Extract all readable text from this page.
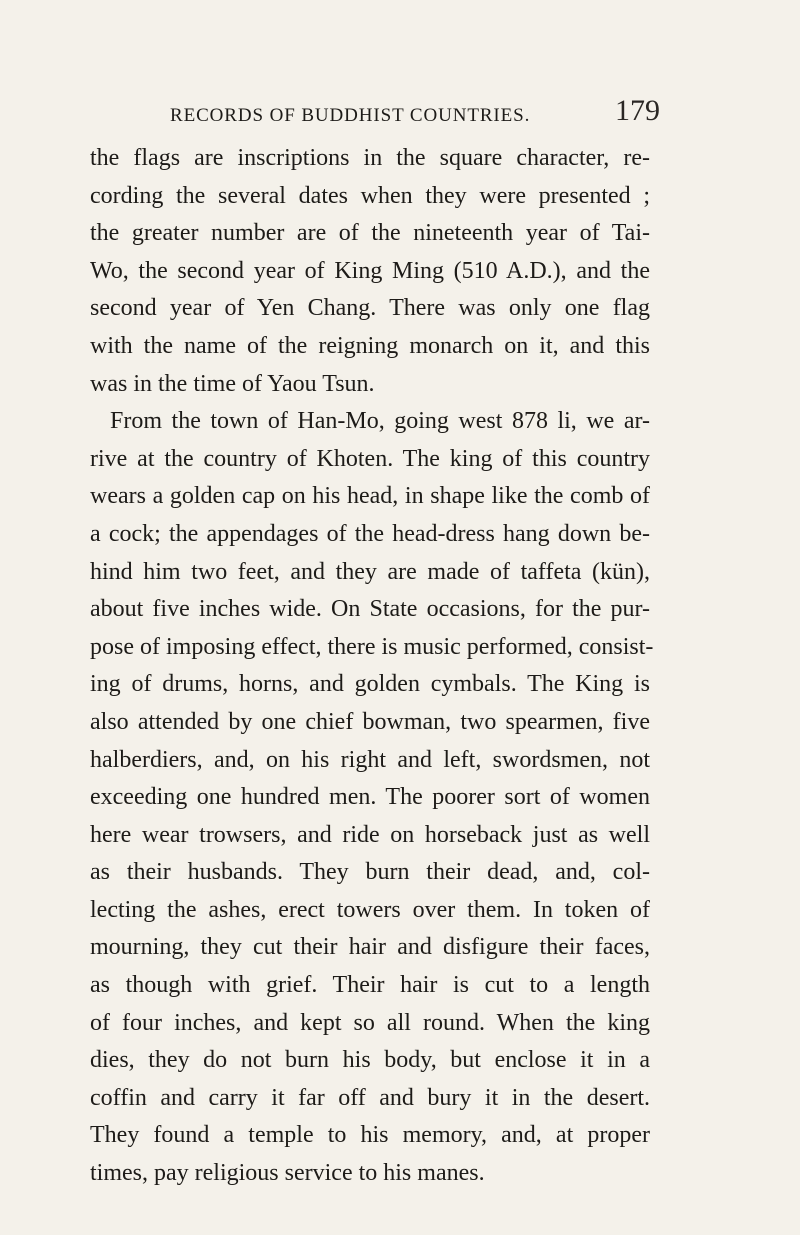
RECORDS OF BUDDHIST COUNTRIES.	179
the flags are inscriptions in the square character, re-
cording the several dates when they were presented ;
the greater number are of the nineteenth year of Tai-
Wo, the second year of King Ming (510 A.D.), and the
second year of Yen Chang. There was only one flag
with the name of the reigning monarch on it, and this
was in the time of Yaou Tsun.
From the town of Han-Mo, going west 878 li, we ar-
rive at the country of Khoten. The king of this country
wears a golden cap on his head, in shape like the comb of
a cock; the appendages of the head-dress hang down be-
hind him two feet, and they are made of taffeta (kün),
about five inches wide. On State occasions, for the pur-
pose of imposing effect, there is music performed, consist-
ing of drums, horns, and golden cymbals. The King is
also attended by one chief bowman, two spearmen, five
halberdiers, and, on his right and left, swordsmen, not
exceeding one hundred men. The poorer sort of women
here wear trowsers, and ride on horseback just as well
as their husbands. They burn their dead, and, col-
lecting the ashes, erect towers over them. In token of
mourning, they cut their hair and disfigure their faces,
as though with grief. Their hair is cut to a length
of four inches, and kept so all round. When the king
dies, they do not burn his body, but enclose it in a
coffin and carry it far off and bury it in the desert.
They found a temple to his memory, and, at proper
times, pay religious service to his manes.
